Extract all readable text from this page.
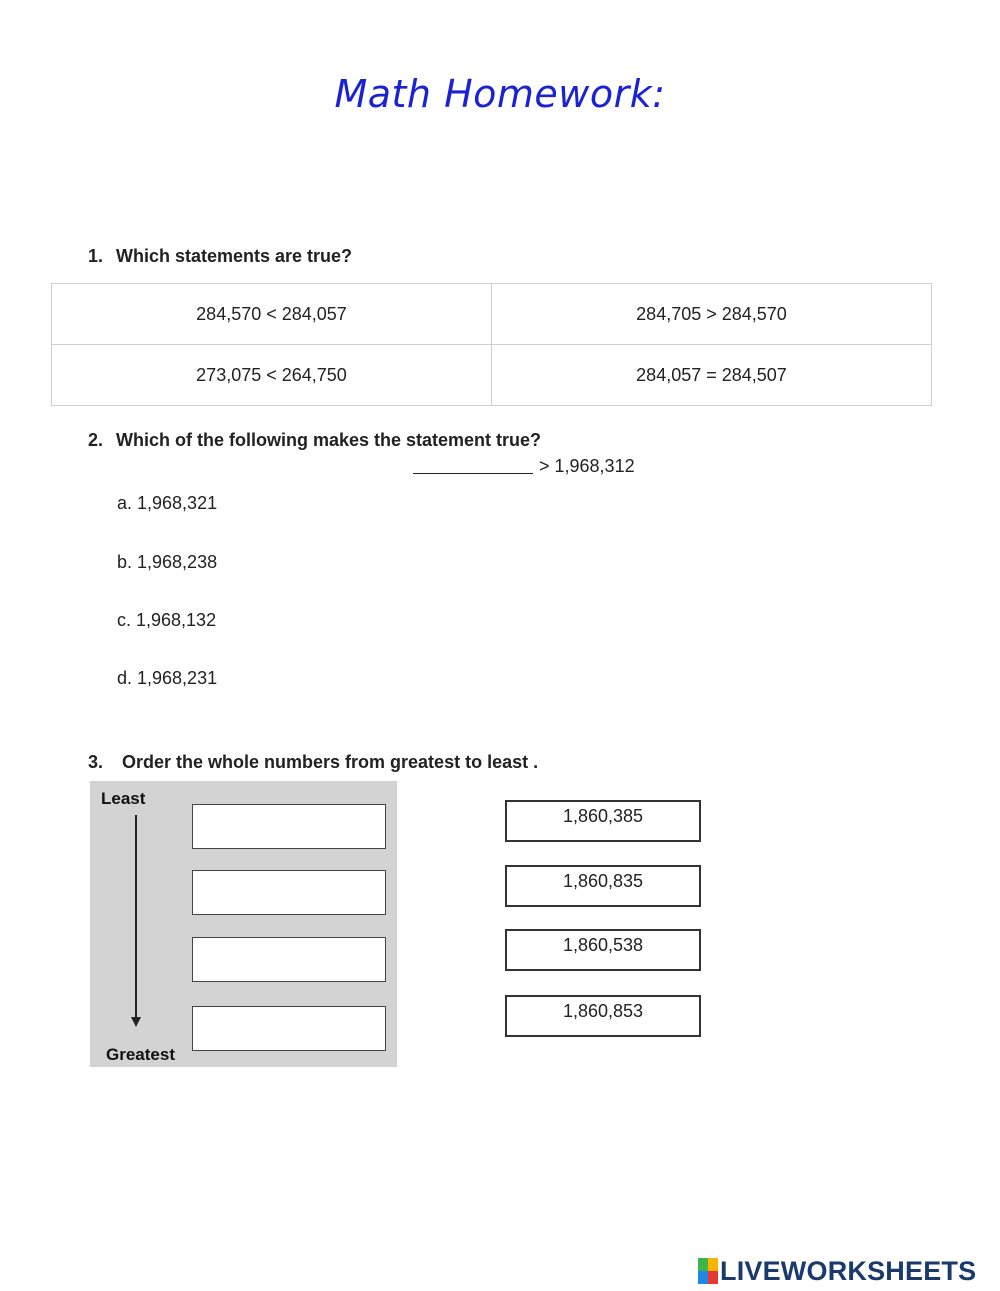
Math Homework:
1. Which statements are true?
284,570 < 284,057	284,705 > 284,570
273,075 < 264,750	284,057 = 284,507
2. Which of the following makes the statement true?
> 1,968,312
a. 1,968,321
b. 1,968,238
c. 1,968,132
d. 1,968,231
3. Order the whole numbers from greatest to least .
Least
Greatest
1,860,385
1,860,835
1,860,538
1,860,853
LIVEWORKSHEETS
